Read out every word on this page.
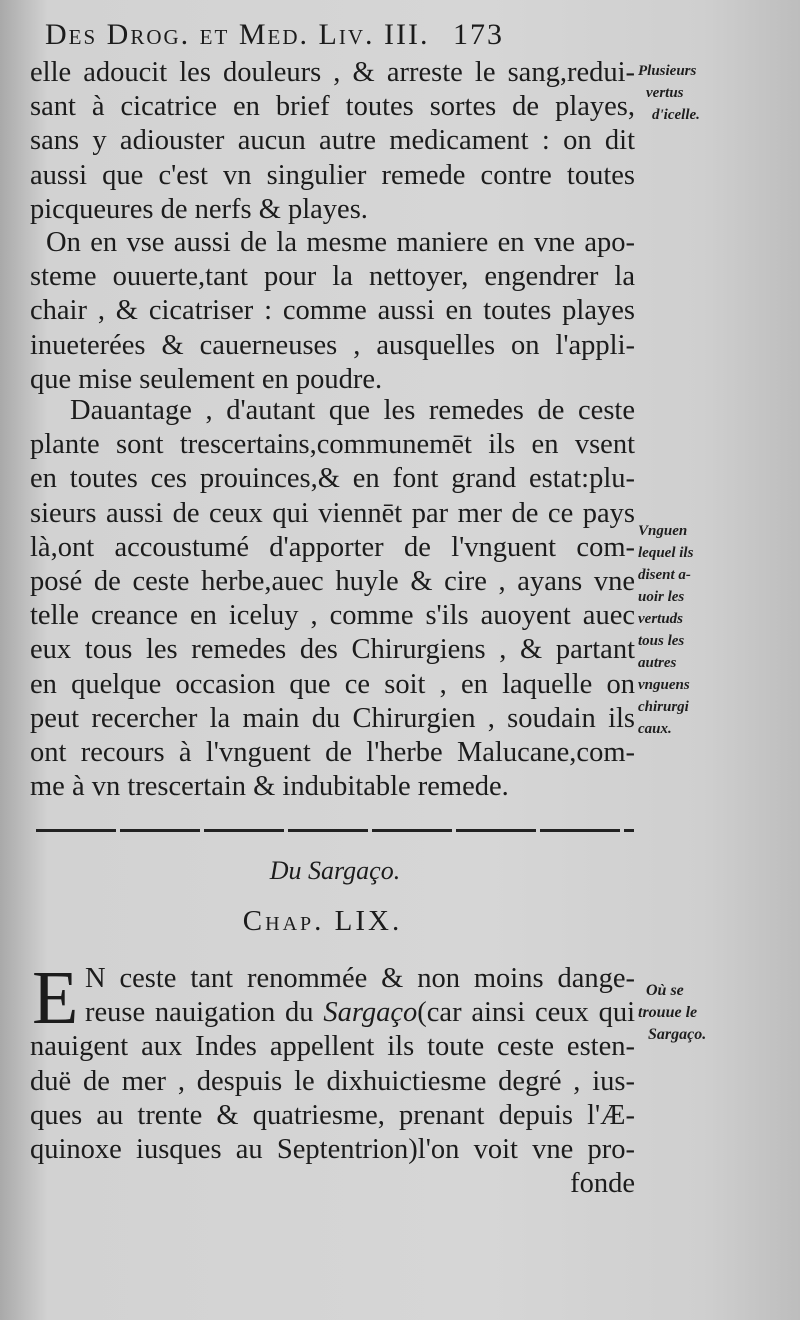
Des Drog. et Med. Liv. III. 173
elle adoucit les douleurs , & arreste le sang,redui-
sant à cicatrice en brief toutes sortes de playes,
sans y adiouster aucun autre medicament : on dit
aussi que c'est vn singulier remede contre toutes
picqueures de nerfs & playes.
On en vse aussi de la mesme maniere en vne apo-
steme ouuerte,tant pour la nettoyer, engendrer la
chair , & cicatriser : comme aussi en toutes playes
inueterées & cauerneuses , ausquelles on l'appli-
que mise seulement en poudre.
Dauantage , d'autant que les remedes de ceste
plante sont trescertains,communemēt ils en vsent
en toutes ces prouinces,& en font grand estat:plu-
sieurs aussi de ceux qui viennēt par mer de ce pays
là,ont accoustumé d'apporter de l'vnguent com-
posé de ceste herbe,auec huyle & cire , ayans vne
telle creance en iceluy , comme s'ils auoyent auec
eux tous les remedes des Chirurgiens , & partant
en quelque occasion que ce soit , en laquelle on
peut recercher la main du Chirurgien , soudain ils
ont recours à l'vnguent de l'herbe Malucane,com-
me à vn trescertain & indubitable remede.
Plusieurs
vertus
d'icelle.
Vnguen
lequel ils
disent a-
uoir les
vertuds
tous les
autres
vnguens
chirurgi
caux.
Du Sargaço.
Chap. LIX.
E N ceste tant renommée & non moins dange-
reuse nauigation du Sargaço(car ainsi ceux qui
nauigent aux Indes appellent ils toute ceste esten-
duë de mer , despuis le dixhuictiesme degré , ius-
ques au trente & quatriesme, prenant depuis l'Æ-
quinoxe iusques au Septentrion)l'on voit vne pro-
fonde
Où se
trouue le
Sargaço.
